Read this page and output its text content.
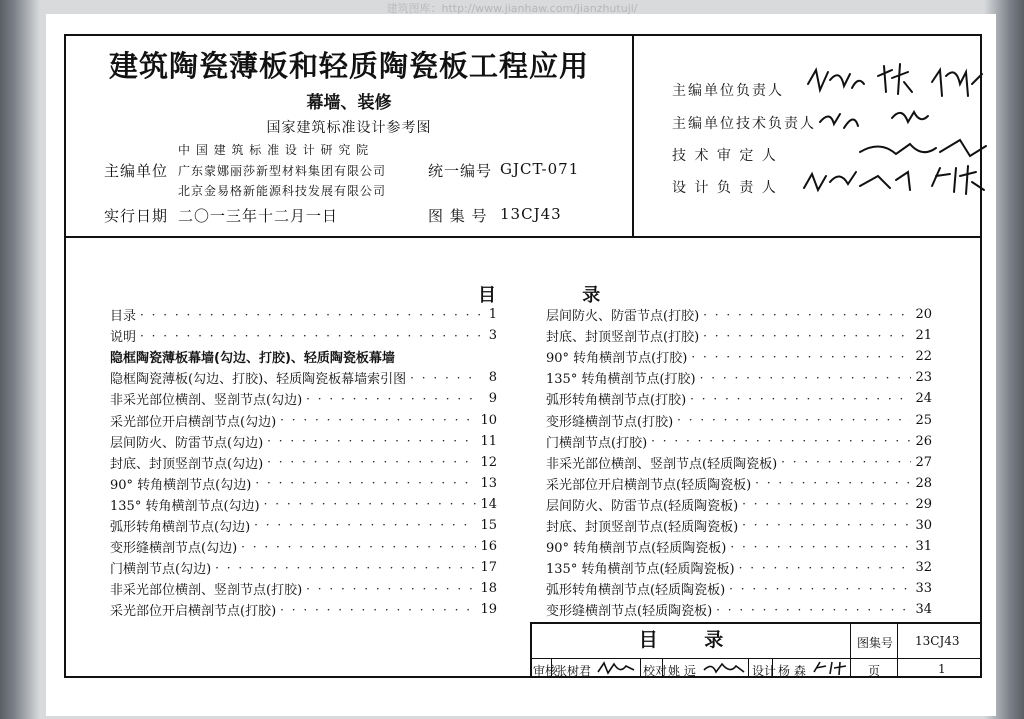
建筑图库：http://www.jianhaw.com/jianzhutuji/
建筑陶瓷薄板和轻质陶瓷板工程应用
幕墙、装修
国家建筑标准设计参考图
主编单位
中 国 建 筑 标 准 设 计 研 究 院
广东蒙娜丽莎新型材料集团有限公司
北京金易格新能源科技发展有限公司
统一编号 GJCT-071
实行日期 二〇一三年十二月一日	图 集 号 13CJ43
主编单位负责人
主编单位技术负责人
技 术 审 定 人
设 计 负 责 人
目 录
目录 · · ·	1
说明 · · ·	3
隐框陶瓷薄板幕墙(勾边、打胶)、轻质陶瓷板幕墙
隐框陶瓷薄板(勾边、打胶)、轻质陶瓷板幕墙索引图 · · ·	8
非采光部位横剖、竖剖节点(勾边) · · ·	9
采光部位开启横剖节点(勾边) · · ·	10
层间防火、防雷节点(勾边) · · ·	11
封底、封顶竖剖节点(勾边) · · ·	12
90° 转角横剖节点(勾边) · · ·	13
135° 转角横剖节点(勾边) · · ·	14
弧形转角横剖节点(勾边) · · ·	15
变形缝横剖节点(勾边) · · ·	16
门横剖节点(勾边) · · ·	17
非采光部位横剖、竖剖节点(打胶) · · ·	18
采光部位开启横剖节点(打胶) · · ·	19
层间防火、防雷节点(打胶) · · ·	20
封底、封顶竖剖节点(打胶) · · ·	21
90° 转角横剖节点(打胶) · · ·	22
135° 转角横剖节点(打胶) · · ·	23
弧形转角横剖节点(打胶) · · ·	24
变形缝横剖节点(打胶) · · ·	25
门横剖节点(打胶) · · ·	26
非采光部位横剖、竖剖节点(轻质陶瓷板) · · ·	27
采光部位开启横剖节点(轻质陶瓷板) · · ·	28
层间防火、防雷节点(轻质陶瓷板) · · ·	29
封底、封顶竖剖节点(轻质陶瓷板) · · ·	30
90° 转角横剖节点(轻质陶瓷板) · · ·	31
135° 转角横剖节点(轻质陶瓷板) · · ·	32
弧形转角横剖节点(轻质陶瓷板) · · ·	33
变形缝横剖节点(轻质陶瓷板) · · ·	34
目 录	图集号 13CJ43
审核
张树君	校对 姚 远	设计 杨 森	页	1
